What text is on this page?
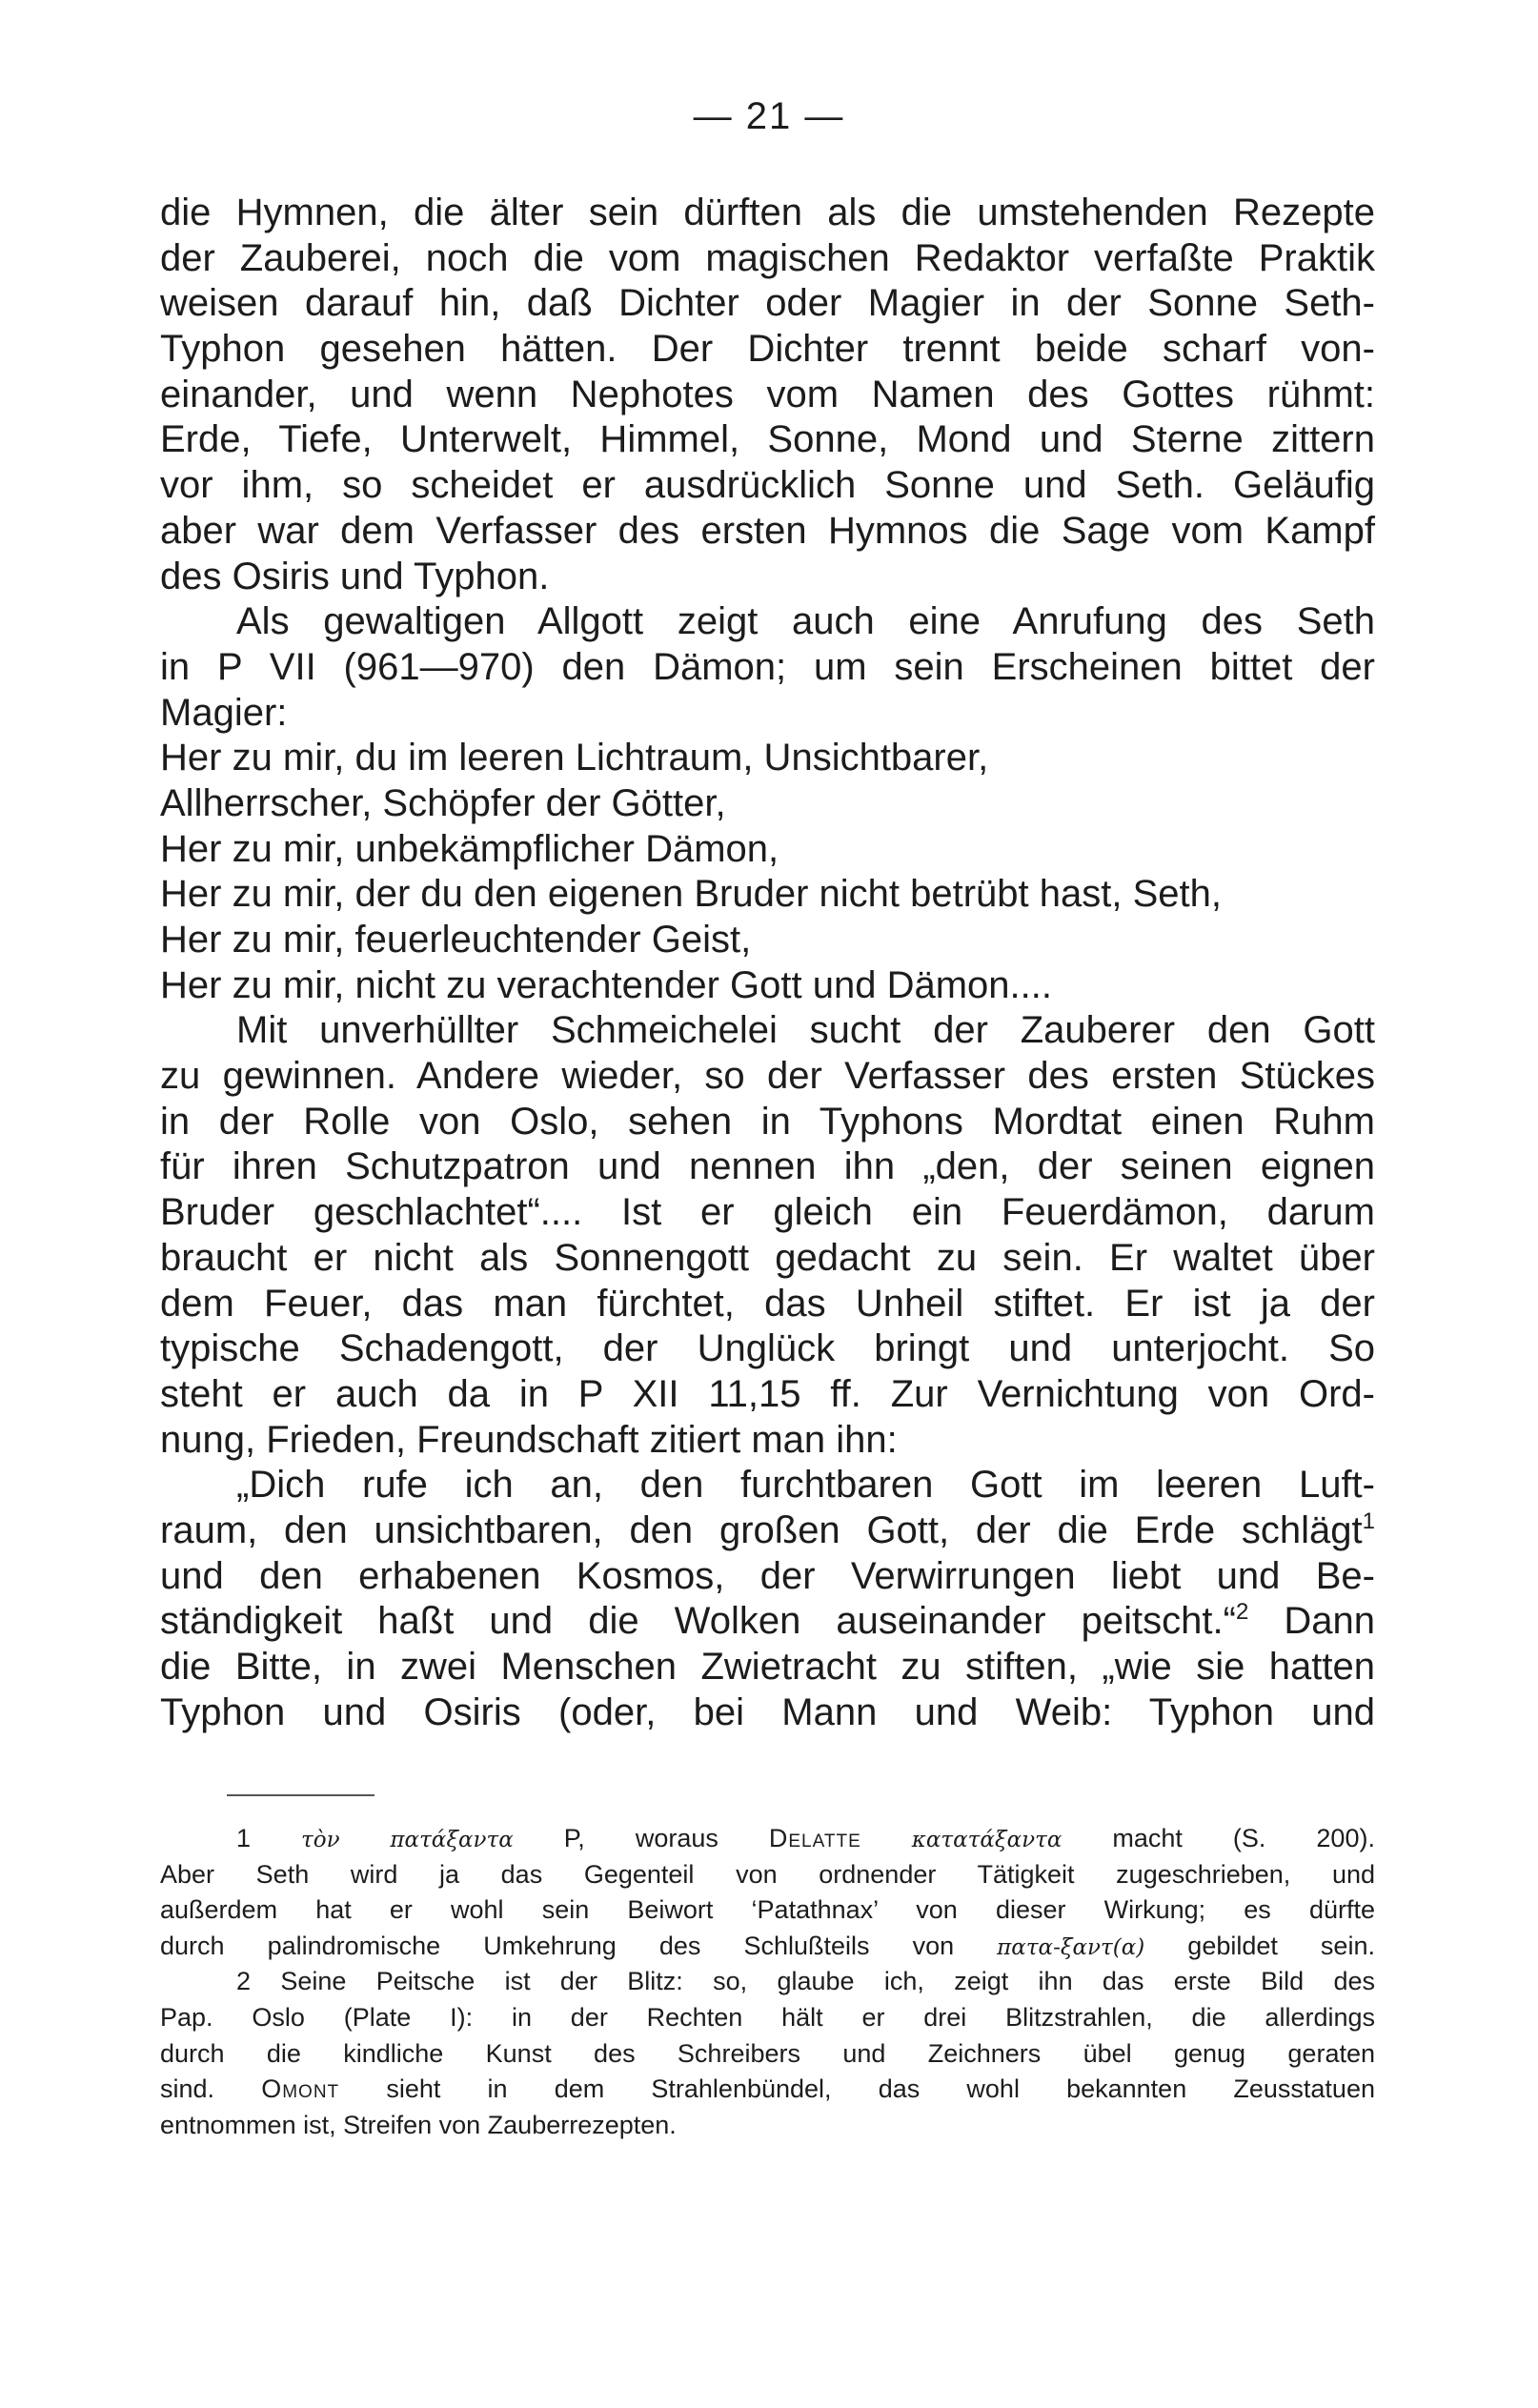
— 21 —
die Hymnen, die älter sein dürften als die umstehenden Rezepte
der Zauberei, noch die vom magischen Redaktor verfaßte Praktik
weisen darauf hin, daß Dichter oder Magier in der Sonne Seth-
Typhon gesehen hätten. Der Dichter trennt beide scharf von-
einander, und wenn Nephotes vom Namen des Gottes rühmt:
Erde, Tiefe, Unterwelt, Himmel, Sonne, Mond und Sterne zittern
vor ihm, so scheidet er ausdrücklich Sonne und Seth. Geläufig
aber war dem Verfasser des ersten Hymnos die Sage vom Kampf
des Osiris und Typhon.
Als gewaltigen Allgott zeigt auch eine Anrufung des Seth
in P VII (961—970) den Dämon; um sein Erscheinen bittet der
Magier:
Her zu mir, du im leeren Lichtraum, Unsichtbarer,
Allherrscher, Schöpfer der Götter,
Her zu mir, unbekämpflicher Dämon,
Her zu mir, der du den eigenen Bruder nicht betrübt hast, Seth,
Her zu mir, feuerleuchtender Geist,
Her zu mir, nicht zu verachtender Gott und Dämon....
Mit unverhüllter Schmeichelei sucht der Zauberer den Gott
zu gewinnen. Andere wieder, so der Verfasser des ersten Stückes
in der Rolle von Oslo, sehen in Typhons Mordtat einen Ruhm
für ihren Schutzpatron und nennen ihn „den, der seinen eignen
Bruder geschlachtet“.... Ist er gleich ein Feuerdämon, darum
braucht er nicht als Sonnengott gedacht zu sein. Er waltet über
dem Feuer, das man fürchtet, das Unheil stiftet. Er ist ja der
typische Schadengott, der Unglück bringt und unterjocht. So
steht er auch da in P XII 11,15 ff. Zur Vernichtung von Ord-
nung, Frieden, Freundschaft zitiert man ihn:
„Dich rufe ich an, den furchtbaren Gott im leeren Luft-
raum, den unsichtbaren, den großen Gott, der die Erde schlägt$^1$
und den erhabenen Kosmos, der Verwirrungen liebt und Be-
ständigkeit haßt und die Wolken auseinander peitscht.“$^2$ Dann
die Bitte, in zwei Menschen Zwietracht zu stiften, „wie sie hatten
Typhon und Osiris (oder, bei Mann und Weib: Typhon und
1 τὸν πατάξαντα P, woraus Delatte κατατάξαντα macht (S. 200).
Aber Seth wird ja das Gegenteil von ordnender Tätigkeit zugeschrieben, und
außerdem hat er wohl sein Beiwort ‘Patathnax’ von dieser Wirkung; es dürfte
durch palindromische Umkehrung des Schlußteils von πατα-ξαντ(α) gebildet sein.
2 Seine Peitsche ist der Blitz: so, glaube ich, zeigt ihn das erste Bild des
Pap. Oslo (Plate I): in der Rechten hält er drei Blitzstrahlen, die allerdings
durch die kindliche Kunst des Schreibers und Zeichners übel genug geraten
sind. Omont sieht in dem Strahlenbündel, das wohl bekannten Zeusstatuen
entnommen ist, Streifen von Zauberrezepten.
